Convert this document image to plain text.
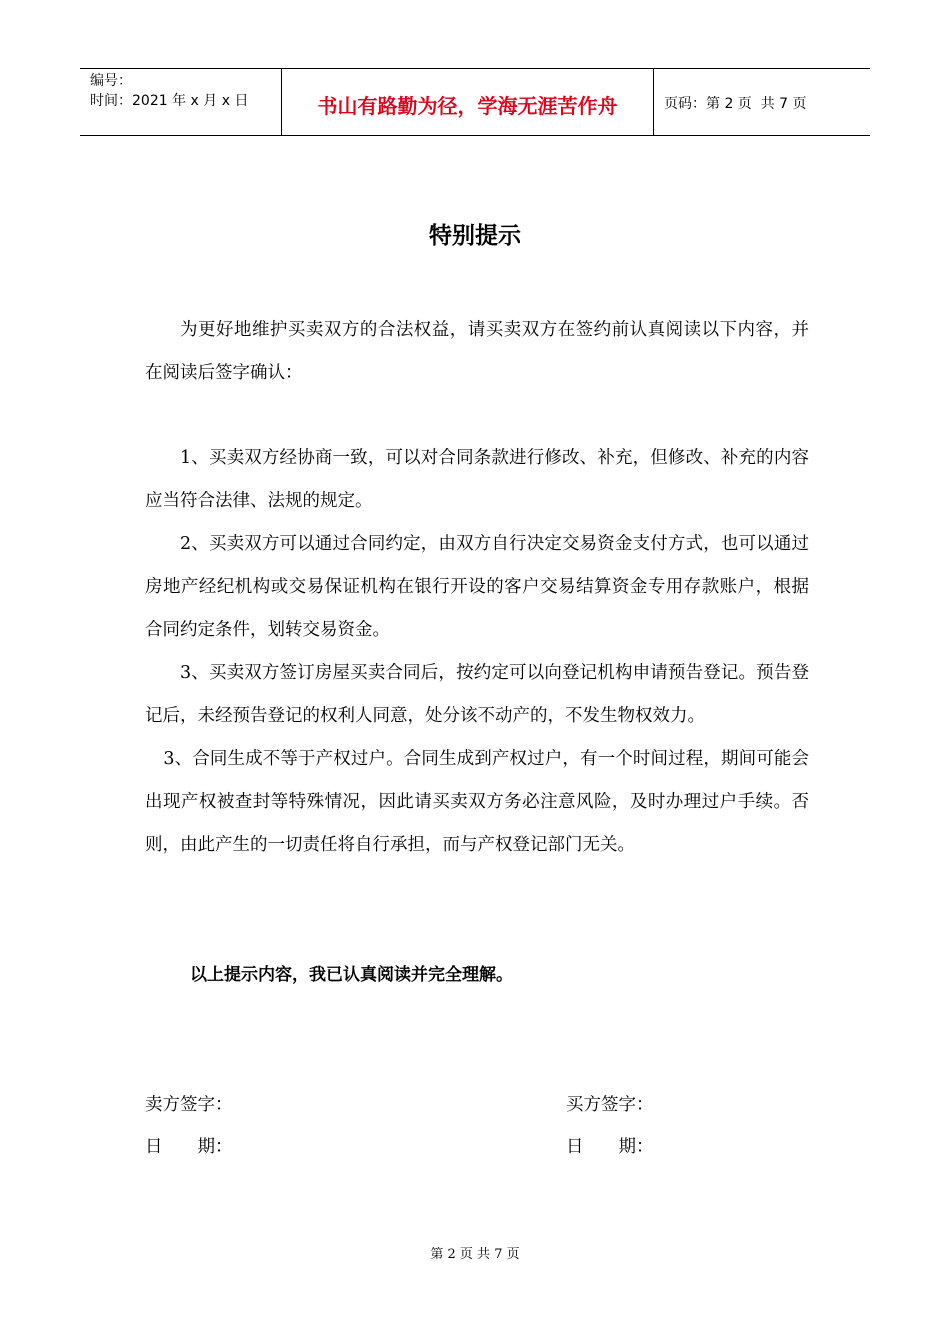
编号：
时间：2021 年 x 月 x 日	书山有路勤为径，学海无涯苦作舟	页码：第 2 页  共 7 页
特别提示

为更好地维护买卖双方的合法权益，请买卖双方在签约前认真阅读以下内容，并在阅读后签字确认：

1、买卖双方经协商一致，可以对合同条款进行修改、补充，但修改、补充的内容应当符合法律、法规的规定。

2、买卖双方可以通过合同约定，由双方自行决定交易资金支付方式，也可以通过房地产经纪机构或交易保证机构在银行开设的客户交易结算资金专用存款账户，根据合同约定条件，划转交易资金。

3、买卖双方签订房屋买卖合同后，按约定可以向登记机构申请预告登记。预告登记后，未经预告登记的权利人同意，处分该不动产的，不发生物权效力。

3、合同生成不等于产权过户。合同生成到产权过户，有一个时间过程，期间可能会出现产权被查封等特殊情况，因此请买卖双方务必注意风险，及时办理过户手续。否则，由此产生的一切责任将自行承担，而与产权登记部门无关。

以上提示内容，我已认真阅读并完全理解。
卖方签字：
日　　期：
买方签字：
日　　期：
第 2 页 共 7 页
